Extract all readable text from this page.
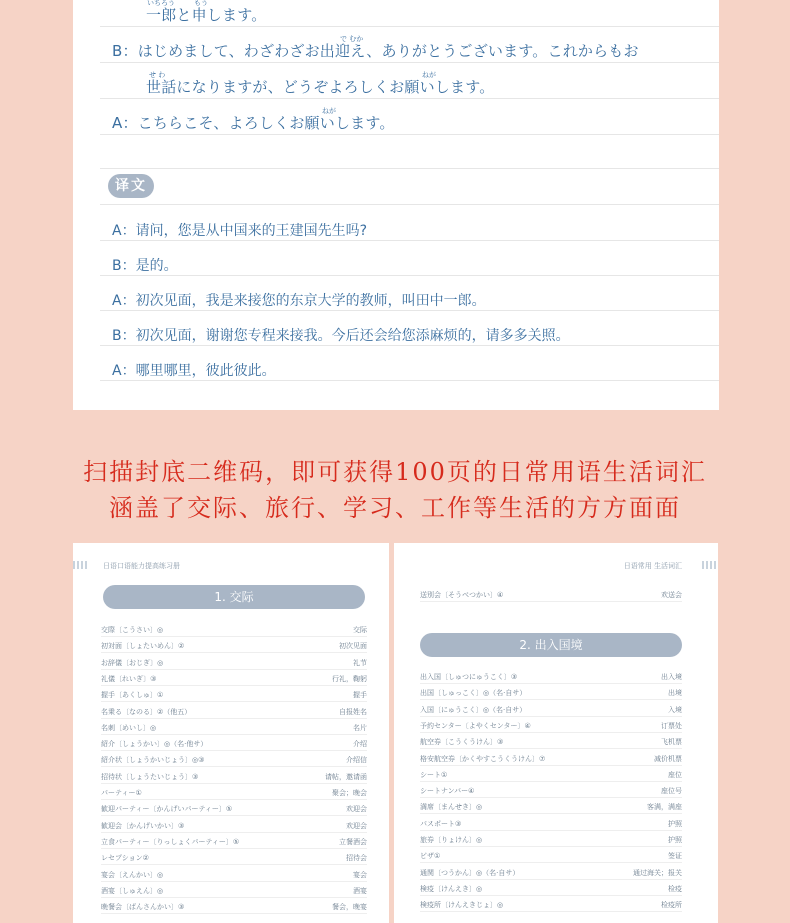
一郎と申します。
B：はじめまして、わざわざお出迎え、ありがとうございます。これからもお
世話になりますが、どうぞよろしくお願いします。
A：こちらこそ、よろしくお願いします。
いちろう	もう
で むか
せ わ	ねが
ねが
译文
A：请问，您是从中国来的王建国先生吗?
B：是的。
A：初次见面，我是来接您的东京大学的教师，叫田中一郎。
B：初次见面，谢谢您专程来接我。今后还会给您添麻烦的，请多多关照。
A：哪里哪里，彼此彼此。
扫描封底二维码，即可获得100页的日常用语生活词汇
涵盖了交际、旅行、学习、工作等生活的方方面面
日语口语能力提高练习册
1. 交际
交際〔こうさい〕◎	交际
初対面〔しょたいめん〕②	初次见面
お辞儀〔おじぎ〕◎	礼节
礼儀〔れいぎ〕③	行礼，鞠躬
握手〔あくしゅ〕①	握手
名乗る〔なのる〕②（他五）	自报姓名
名刺〔めいし〕◎	名片
紹介〔しょうかい〕◎（名·他サ）	介绍
紹介状〔しょうかいじょう〕◎③	介绍信
招待状〔しょうたいじょう〕③	请帖，邀请函
パーティー①	聚会；晚会
歓迎パーティー〔かんげいパーティー〕⑤	欢迎会
歓迎会〔かんげいかい〕③	欢迎会
立食パーティー〔りっしょくパーティー〕⑤	立餐酒会
レセプション②	招待会
宴会〔えんかい〕◎	宴会
酒宴〔しゅえん〕◎	酒宴
晩餐会〔ばんさんかい〕③	餐会，晚宴
日语常用 生活词汇
送別会〔そうべつかい〕④	欢送会
2. 出入国境
出入国〔しゅつにゅうこく〕③	出入境
出国〔しゅっこく〕◎（名·自サ）	出境
入国〔にゅうこく〕◎（名·自サ）	入境
予約センター〔よやくセンター〕④	订票处
航空券〔こうくうけん〕③	飞机票
格安航空券〔かくやすこうくうけん〕⑦	减价机票
シート①	座位
シートナンバー④	座位号
満席〔まんせき〕◎	客满，满座
パスポート③	护照
旅券〔りょけん〕◎	护照
ビザ①	签证
通関〔つうかん〕◎（名·自サ）	通过海关；报关
検疫〔けんえき〕◎	检疫
検疫所〔けんえきじょ〕◎	检疫所
